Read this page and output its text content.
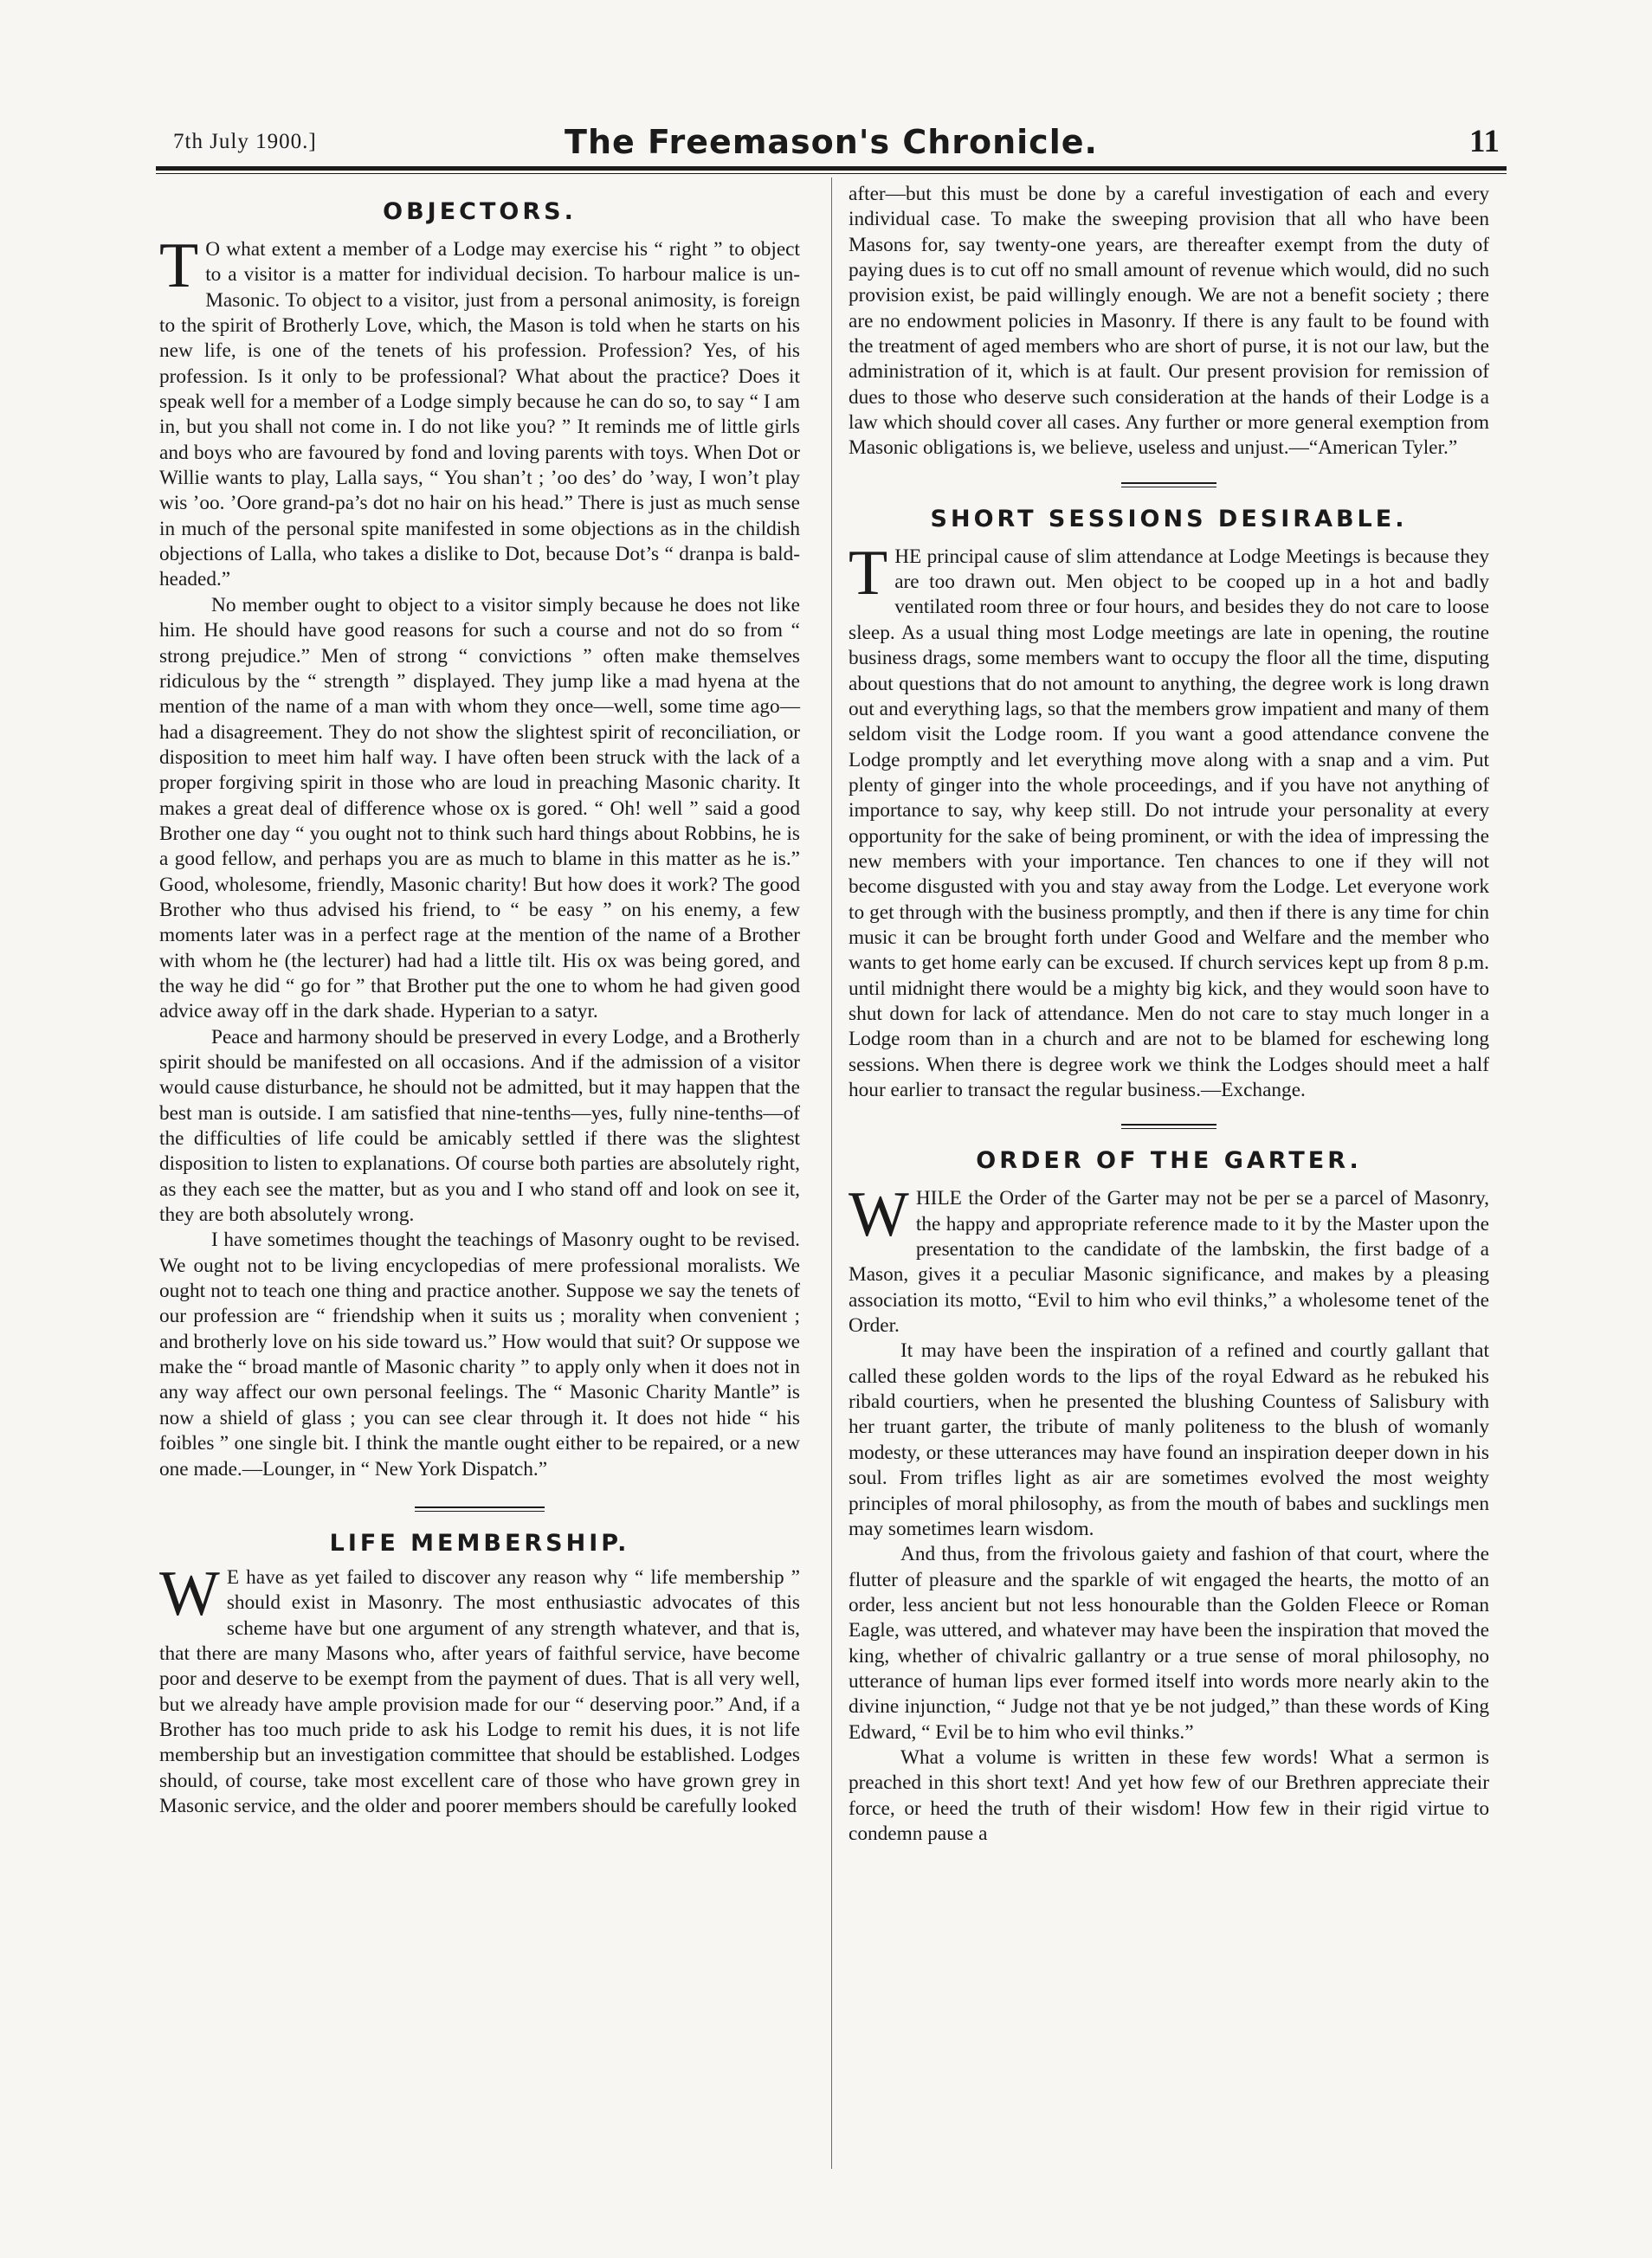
7th July 1900.]	The Freemason's Chronicle.	11
OBJECTORS.

T O what extent a member of a Lodge may exercise his “ right ” to object to a visitor is a matter for individual decision. To harbour malice is un-Masonic. To object to a visitor, just from a personal animosity, is foreign to the spirit of Brotherly Love, which, the Mason is told when he starts on his new life, is one of the tenets of his profession. Profession? Yes, of his profession. Is it only to be professional? What about the practice? Does it speak well for a member of a Lodge simply because he can do so, to say “ I am in, but you shall not come in. I do not like you? ” It reminds me of little girls and boys who are favoured by fond and loving parents with toys. When Dot or Willie wants to play, Lalla says, “ You shan’t ; ’oo des’ do ’way, I won’t play wis ’oo. ’Oore grand-pa’s dot no hair on his head.” There is just as much sense in much of the personal spite manifested in some objections as in the childish objections of Lalla, who takes a dislike to Dot, because Dot’s “ dranpa is bald-headed.”

No member ought to object to a visitor simply because he does not like him. He should have good reasons for such a course and not do so from “ strong prejudice.” Men of strong “ convictions ” often make themselves ridiculous by the “ strength ” displayed. They jump like a mad hyena at the mention of the name of a man with whom they once—well, some time ago— had a disagreement. They do not show the slightest spirit of reconciliation, or disposition to meet him half way. I have often been struck with the lack of a proper forgiving spirit in those who are loud in preaching Masonic charity. It makes a great deal of difference whose ox is gored. “ Oh! well ” said a good Brother one day “ you ought not to think such hard things about Robbins, he is a good fellow, and perhaps you are as much to blame in this matter as he is.” Good, wholesome, friendly, Masonic charity! But how does it work? The good Brother who thus advised his friend, to “ be easy ” on his enemy, a few moments later was in a perfect rage at the mention of the name of a Brother with whom he (the lecturer) had had a little tilt. His ox was being gored, and the way he did “ go for ” that Brother put the one to whom he had given good advice away off in the dark shade. Hyperian to a satyr.

Peace and harmony should be preserved in every Lodge, and a Brotherly spirit should be manifested on all occasions. And if the admission of a visitor would cause disturbance, he should not be admitted, but it may happen that the best man is outside. I am satisfied that nine-tenths—yes, fully nine-tenths—of the difficulties of life could be amicably settled if there was the slightest disposition to listen to explanations. Of course both parties are absolutely right, as they each see the matter, but as you and I who stand off and look on see it, they are both absolutely wrong.

I have sometimes thought the teachings of Masonry ought to be revised. We ought not to be living encyclopedias of mere professional moralists. We ought not to teach one thing and practice another. Suppose we say the tenets of our profession are “ friendship when it suits us ; morality when convenient ; and brotherly love on his side toward us.” How would that suit? Or suppose we make the “ broad mantle of Masonic charity ” to apply only when it does not in any way affect our own personal feelings. The “ Masonic Charity Mantle” is now a shield of glass ; you can see clear through it. It does not hide “ his foibles ” one single bit. I think the mantle ought either to be repaired, or a new one made.—Lounger, in “ New York Dispatch.”

LIFE MEMBERSHIP.

W E have as yet failed to discover any reason why “ life membership ” should exist in Masonry. The most enthusiastic advocates of this scheme have but one argument of any strength whatever, and that is, that there are many Masons who, after years of faithful service, have become poor and deserve to be exempt from the payment of dues. That is all very well, but we already have ample provision made for our “ deserving poor.” And, if a Brother has too much pride to ask his Lodge to remit his dues, it is not life membership but an investigation committee that should be established. Lodges should, of course, take most excellent care of those who have grown grey in Masonic service, and the older and poorer members should be carefully looked

after—but this must be done by a careful investigation of each and every individual case. To make the sweeping provision that all who have been Masons for, say twenty-one years, are thereafter exempt from the duty of paying dues is to cut off no small amount of revenue which would, did no such provision exist, be paid willingly enough. We are not a benefit society ; there are no endowment policies in Masonry. If there is any fault to be found with the treatment of aged members who are short of purse, it is not our law, but the administration of it, which is at fault. Our present provision for remission of dues to those who deserve such consideration at the hands of their Lodge is a law which should cover all cases. Any further or more general exemption from Masonic obligations is, we believe, useless and unjust.—“American Tyler.”

SHORT SESSIONS DESIRABLE.

THE principal cause of slim attendance at Lodge Meetings is because they are too drawn out. Men object to be cooped up in a hot and badly ventilated room three or four hours, and besides they do not care to loose sleep. As a usual thing most Lodge meetings are late in opening, the routine business drags, some members want to occupy the floor all the time, disputing about questions that do not amount to anything, the degree work is long drawn out and everything lags, so that the members grow impatient and many of them seldom visit the Lodge room. If you want a good attendance convene the Lodge promptly and let everything move along with a snap and a vim. Put plenty of ginger into the whole proceedings, and if you have not anything of importance to say, why keep still. Do not intrude your personality at every opportunity for the sake of being prominent, or with the idea of impressing the new members with your importance. Ten chances to one if they will not become disgusted with you and stay away from the Lodge. Let everyone work to get through with the business promptly, and then if there is any time for chin music it can be brought forth under Good and Welfare and the member who wants to get home early can be excused. If church services kept up from 8 p.m. until midnight there would be a mighty big kick, and they would soon have to shut down for lack of attendance. Men do not care to stay much longer in a Lodge room than in a church and are not to be blamed for eschewing long sessions. When there is degree work we think the Lodges should meet a half hour earlier to transact the regular business.—Exchange.

ORDER OF THE GARTER.

WHILE the Order of the Garter may not be per se a parcel of Masonry, the happy and appropriate reference made to it by the Master upon the presentation to the candidate of the lambskin, the first badge of a Mason, gives it a peculiar Masonic significance, and makes by a pleasing association its motto, “Evil to him who evil thinks,” a wholesome tenet of the Order.

It may have been the inspiration of a refined and courtly gallant that called these golden words to the lips of the royal Edward as he rebuked his ribald courtiers, when he presented the blushing Countess of Salisbury with her truant garter, the tribute of manly politeness to the blush of womanly modesty, or these utterances may have found an inspiration deeper down in his soul. From trifles light as air are sometimes evolved the most weighty principles of moral philosophy, as from the mouth of babes and sucklings men may sometimes learn wisdom.

And thus, from the frivolous gaiety and fashion of that court, where the flutter of pleasure and the sparkle of wit engaged the hearts, the motto of an order, less ancient but not less honourable than the Golden Fleece or Roman Eagle, was uttered, and whatever may have been the inspiration that moved the king, whether of chivalric gallantry or a true sense of moral philosophy, no utterance of human lips ever formed itself into words more nearly akin to the divine injunction, “ Judge not that ye be not judged,” than these words of King Edward, “ Evil be to him who evil thinks.”

What a volume is written in these few words! What a sermon is preached in this short text! And yet how few of our Brethren appreciate their force, or heed the truth of their wisdom! How few in their rigid virtue to condemn pause a
